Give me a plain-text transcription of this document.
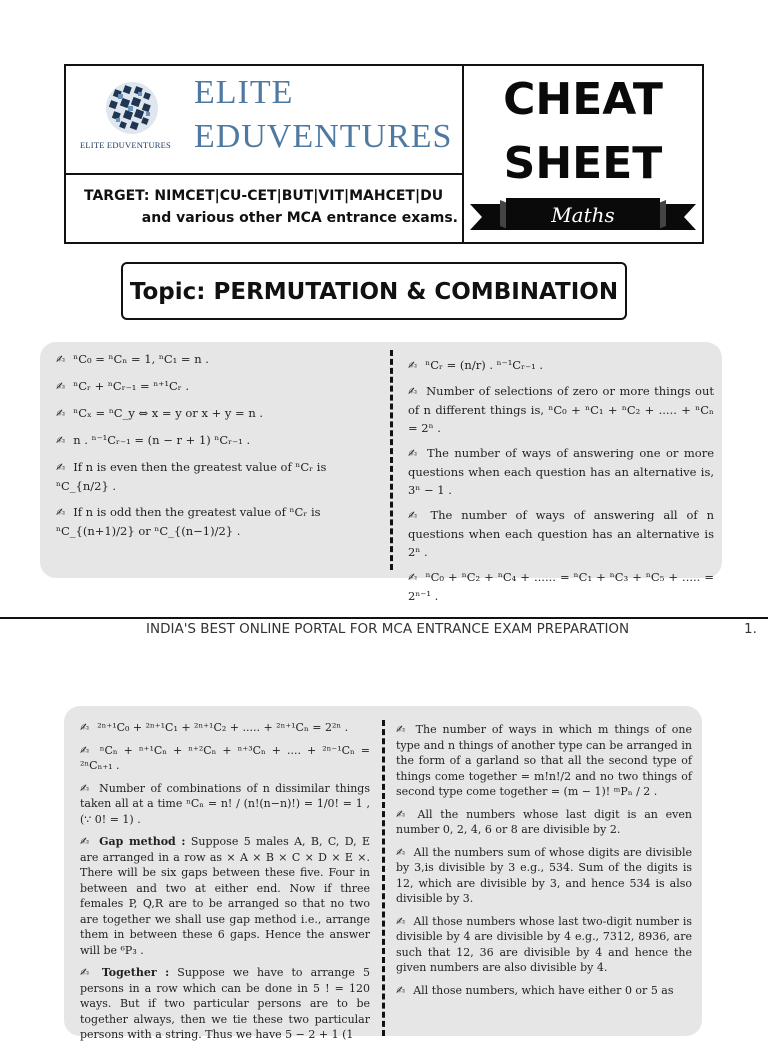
ELITE EDUVENTURES
ELITE
EDUVENTURES
TARGET: NIMCET|CU-CET|BUT|VIT|MAHCET|DU
and various other MCA entrance exams.
CHEAT
SHEET
Maths
Topic: PERMUTATION & COMBINATION
✍ ⁿC₀ = ⁿCₙ = 1, ⁿC₁ = n .
✍ ⁿCᵣ + ⁿCᵣ₋₁ = ⁿ⁺¹Cᵣ .
✍ ⁿCₓ = ⁿC_y ⇔ x = y or x + y = n .
✍ n . ⁿ⁻¹Cᵣ₋₁ = (n − r + 1) ⁿCᵣ₋₁ .
✍ If n is even then the greatest value of ⁿCᵣ is ⁿC_{n/2} .
✍ If n is odd then the greatest value of ⁿCᵣ is ⁿC_{(n+1)/2} or ⁿC_{(n−1)/2} .
✍ ⁿCᵣ = (n/r) . ⁿ⁻¹Cᵣ₋₁ .
✍ Number of selections of zero or more things out of n different things is, ⁿC₀ + ⁿC₁ + ⁿC₂ + ..... + ⁿCₙ = 2ⁿ .
✍ The number of ways of answering one or more questions when each question has an alternative is, 3ⁿ − 1 .
✍ The number of ways of answering all of n questions when each question has an alternative is 2ⁿ .
✍ ⁿC₀ + ⁿC₂ + ⁿC₄ + ...... = ⁿC₁ + ⁿC₃ + ⁿC₅ + ..... = 2ⁿ⁻¹ .
INDIA'S BEST ONLINE PORTAL FOR MCA ENTRANCE EXAM PREPARATION	1.
✍ ²ⁿ⁺¹C₀ + ²ⁿ⁺¹C₁ + ²ⁿ⁺¹C₂ + ..... + ²ⁿ⁺¹Cₙ = 2²ⁿ .
✍ ⁿCₙ + ⁿ⁺¹Cₙ + ⁿ⁺²Cₙ + ⁿ⁺³Cₙ + .... + ²ⁿ⁻¹Cₙ = ²ⁿCₙ₊₁ .
✍ Number of combinations of n dissimilar things taken all at a time ⁿCₙ = n! / (n!(n−n)!) = 1/0! = 1 , (∵ 0! = 1) .
✍ Gap method : Suppose 5 males A, B, C, D, E are arranged in a row as × A × B × C × D × E ×. There will be six gaps between these five. Four in between and two at either end. Now if three females P, Q,R are to be arranged so that no two are together we shall use gap method i.e., arrange them in between these 6 gaps. Hence the answer will be ⁶P₃ .
✍ Together : Suppose we have to arrange 5 persons in a row which can be done in 5 ! = 120 ways. But if two particular persons are to be together always, then we tie these two particular persons with a string. Thus we have 5 − 2 + 1 (1
✍ The number of ways in which m things of one type and n things of another type can be arranged in the form of a garland so that all the second type of things come together = m!n!/2 and no two things of second type come together = (m − 1)! ᵐPₙ / 2 .
✍ All the numbers whose last digit is an even number 0, 2, 4, 6 or 8 are divisible by 2.
✍ All the numbers sum of whose digits are divisible by 3,is divisible by 3 e.g., 534. Sum of the digits is 12, which are divisible by 3, and hence 534 is also divisible by 3.
✍ All those numbers whose last two-digit number is divisible by 4 are divisible by 4 e.g., 7312, 8936, are such that 12, 36 are divisible by 4 and hence the given numbers are also divisible by 4.
✍ All those numbers, which have either 0 or 5 as
